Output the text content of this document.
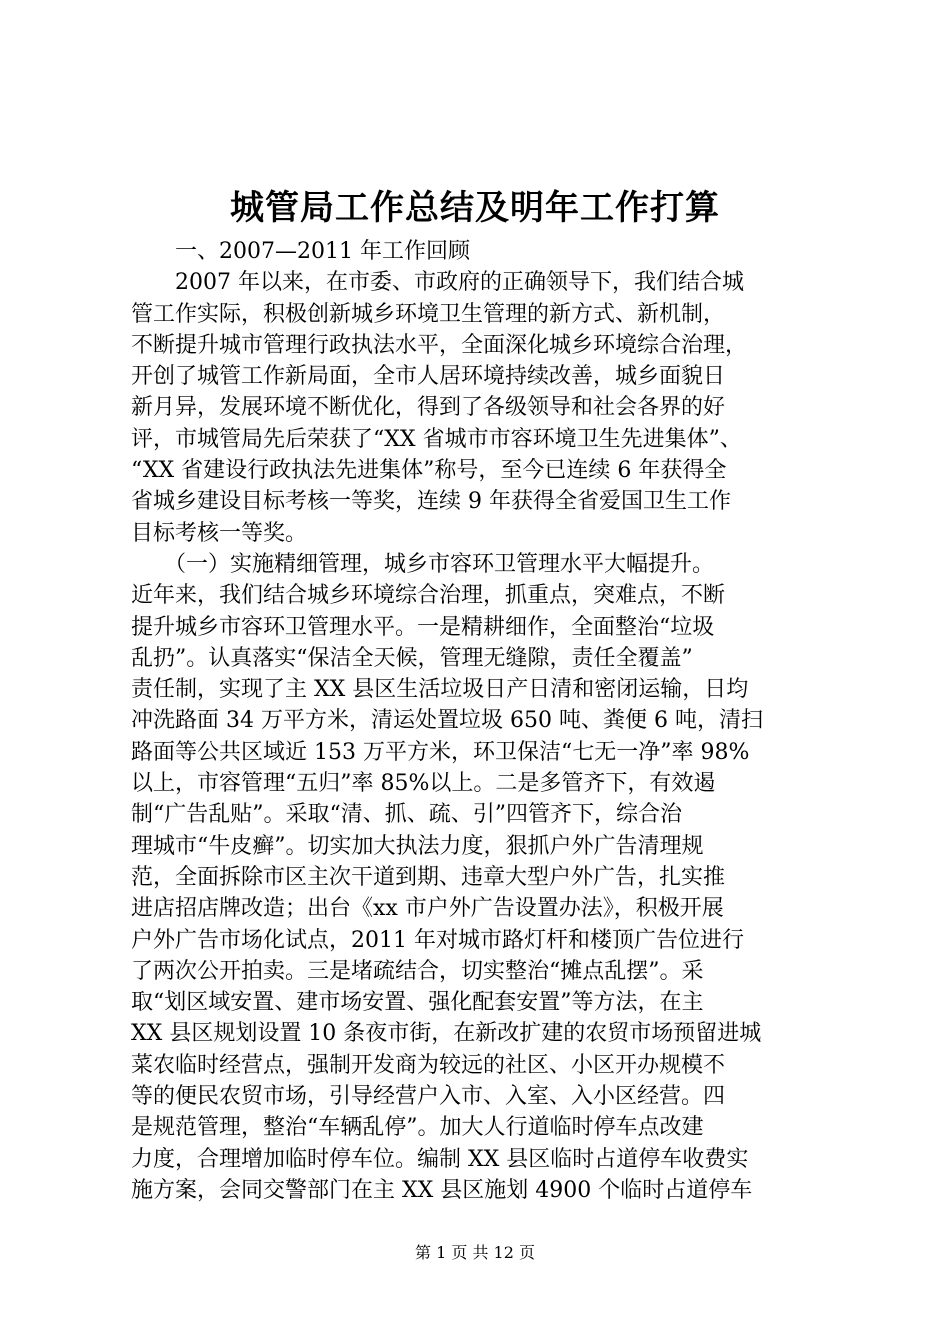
城管局工作总结及明年工作打算
　　一、2007—2011 年工作回顾
　　2007 年以来，在市委、市政府的正确领导下，我们结合城
管工作实际，积极创新城乡环境卫生管理的新方式、新机制，
不断提升城市管理行政执法水平，全面深化城乡环境综合治理，
开创了城管工作新局面，全市人居环境持续改善，城乡面貌日
新月异，发展环境不断优化，得到了各级领导和社会各界的好
评，市城管局先后荣获了“XX 省城市市容环境卫生先进集体”、
“XX 省建设行政执法先进集体”称号，至今已连续 6 年获得全
省城乡建设目标考核一等奖，连续 9 年获得全省爱国卫生工作
目标考核一等奖。
　　（一）实施精细管理，城乡市容环卫管理水平大幅提升。
近年来，我们结合城乡环境综合治理，抓重点，突难点，不断
提升城乡市容环卫管理水平。一是精耕细作，全面整治“垃圾
乱扔”。认真落实“保洁全天候，管理无缝隙，责任全覆盖”
责任制，实现了主 XX 县区生活垃圾日产日清和密闭运输，日均
冲洗路面 34 万平方米，清运处置垃圾 650 吨、粪便 6 吨，清扫
路面等公共区域近 153 万平方米，环卫保洁“七无一净”率 98%
以上，市容管理“五归”率 85%以上。二是多管齐下，有效遏
制“广告乱贴”。采取“清、抓、疏、引”四管齐下，综合治
理城市“牛皮癣”。切实加大执法力度，狠抓户外广告清理规
范，全面拆除市区主次干道到期、违章大型户外广告，扎实推
进店招店牌改造；出台《xx 市户外广告设置办法》，积极开展
户外广告市场化试点，2011 年对城市路灯杆和楼顶广告位进行
了两次公开拍卖。三是堵疏结合，切实整治“摊点乱摆”。采
取“划区域安置、建市场安置、强化配套安置”等方法，在主
XX 县区规划设置 10 条夜市街，在新改扩建的农贸市场预留进城
菜农临时经营点，强制开发商为较远的社区、小区开办规模不
等的便民农贸市场，引导经营户入市、入室、入小区经营。四
是规范管理，整治“车辆乱停”。加大人行道临时停车点改建
力度，合理增加临时停车位。编制 XX 县区临时占道停车收费实
施方案，会同交警部门在主 XX 县区施划 4900 个临时占道停车
第 1 页 共 12 页
